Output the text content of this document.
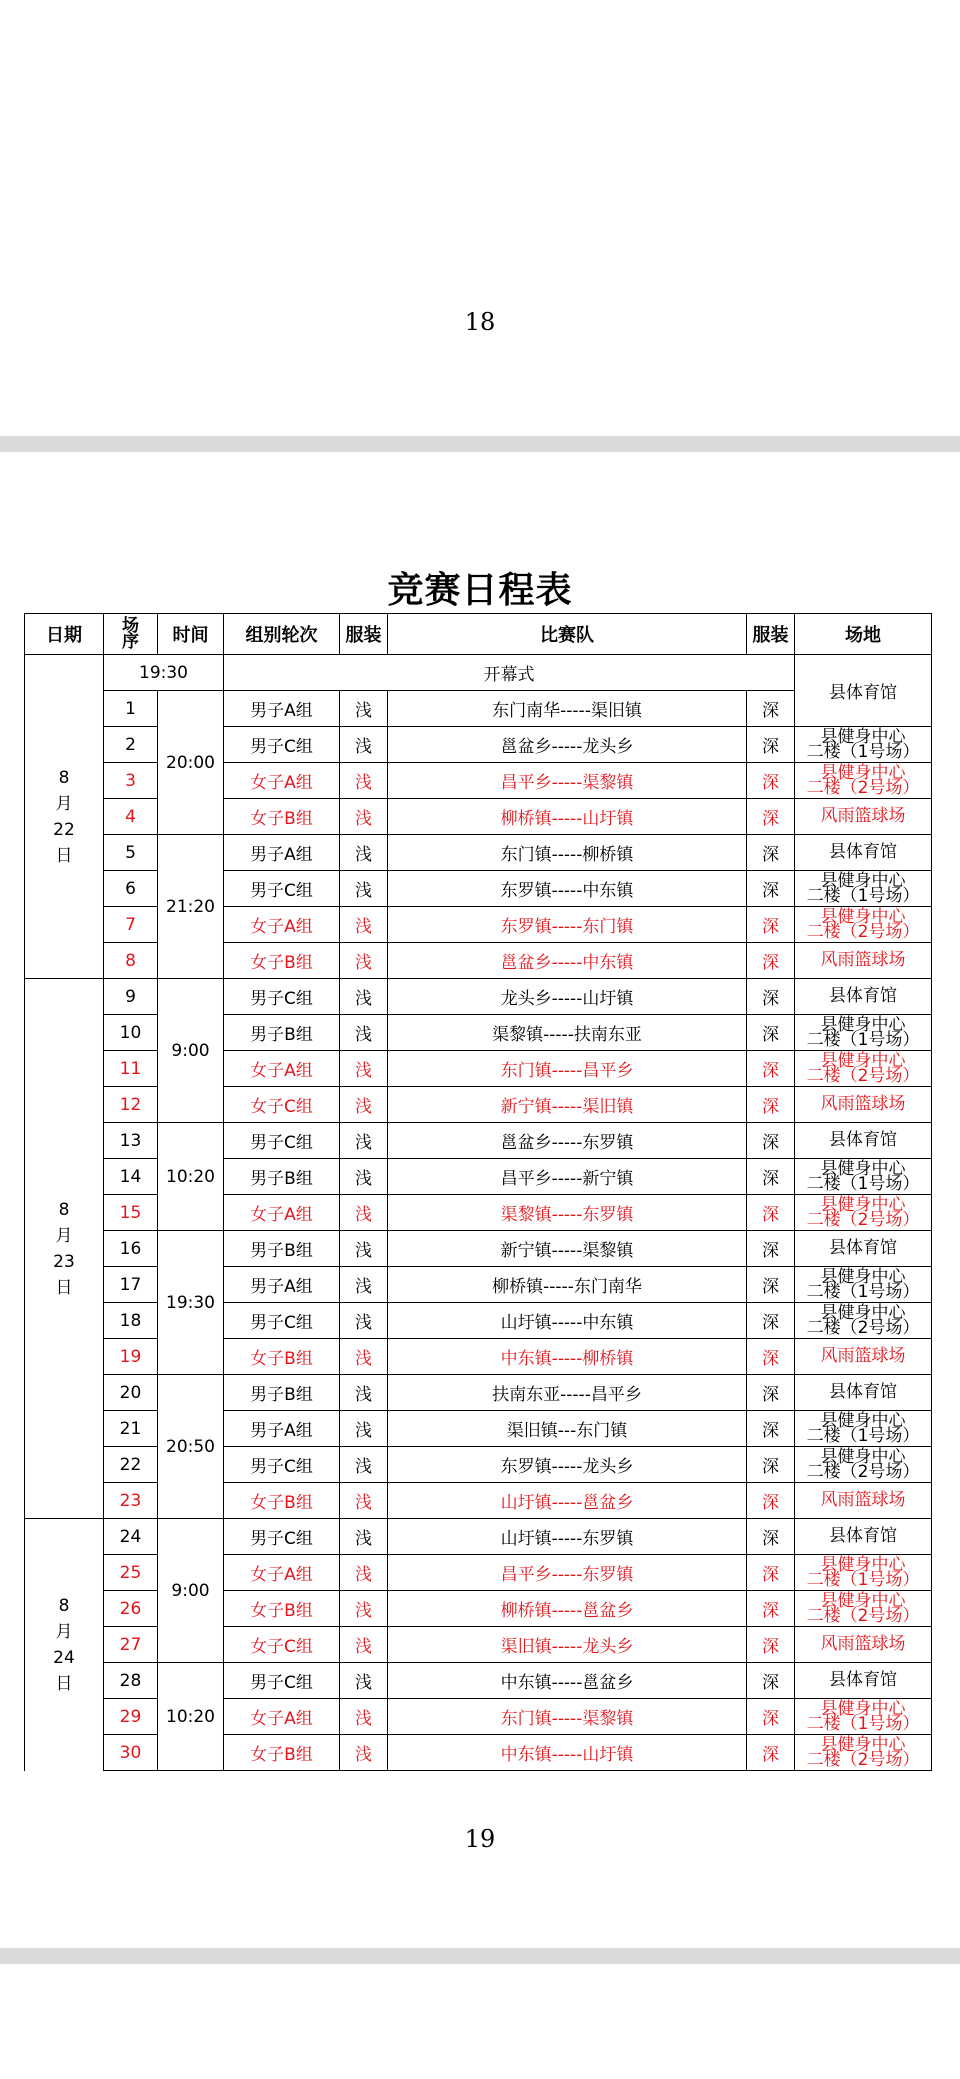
18
竞赛日程表
日期	场序	时间	组别轮次	服装	比赛队	服装	场地
8
月
22
日	19:30		开幕式				县体育馆
	1	20:00	男子A组	浅	东门南华-----渠旧镇	深	
	2		男子C组	浅	邕盆乡-----龙头乡	深	县健身中心
二楼（1号场）
	3		女子A组	浅	昌平乡-----渠黎镇	深	县健身中心
二楼（2号场）
	4		女子B组	浅	柳桥镇-----山圩镇	深	风雨篮球场
	5	21:20	男子A组	浅	东门镇-----柳桥镇	深	县体育馆
	6		男子C组	浅	东罗镇-----中东镇	深	县健身中心
二楼（1号场）
	7		女子A组	浅	东罗镇-----东门镇	深	县健身中心
二楼（2号场）
	8		女子B组	浅	邕盆乡-----中东镇	深	风雨篮球场
8
月
23
日	9	9:00	男子C组	浅	龙头乡-----山圩镇	深	县体育馆
	10		男子B组	浅	渠黎镇-----扶南东亚	深	县健身中心
二楼（1号场）
	11		女子A组	浅	东门镇-----昌平乡	深	县健身中心
二楼（2号场）
	12		女子C组	浅	新宁镇-----渠旧镇	深	风雨篮球场
	13	10:20	男子C组	浅	邕盆乡-----东罗镇	深	县体育馆
	14		男子B组	浅	昌平乡-----新宁镇	深	县健身中心
二楼（1号场）
	15		女子A组	浅	渠黎镇-----东罗镇	深	县健身中心
二楼（2号场）
	16	19:30	男子B组	浅	新宁镇-----渠黎镇	深	县体育馆
	17		男子A组	浅	柳桥镇-----东门南华	深	县健身中心
二楼（1号场）
	18		男子C组	浅	山圩镇-----中东镇	深	县健身中心
二楼（2号场）
	19		女子B组	浅	中东镇-----柳桥镇	深	风雨篮球场
	20	20:50	男子B组	浅	扶南东亚-----昌平乡	深	县体育馆
	21		男子A组	浅	渠旧镇---东门镇	深	县健身中心
二楼（1号场）
	22		男子C组	浅	东罗镇-----龙头乡	深	县健身中心
二楼（2号场）
	23		女子B组	浅	山圩镇-----邕盆乡	深	风雨篮球场
8
月
24
日	24	9:00	男子C组	浅	山圩镇-----东罗镇	深	县体育馆
	25		女子A组	浅	昌平乡-----东罗镇	深	县健身中心
二楼（1号场）
	26		女子B组	浅	柳桥镇-----邕盆乡	深	县健身中心
二楼（2号场）
	27		女子C组	浅	渠旧镇-----龙头乡	深	风雨篮球场
	28	10:20	男子C组	浅	中东镇-----邕盆乡	深	县体育馆
	29		女子A组	浅	东门镇-----渠黎镇	深	县健身中心
二楼（1号场）
	30		女子B组	浅	中东镇-----山圩镇	深	县健身中心
二楼（2号场）
19
